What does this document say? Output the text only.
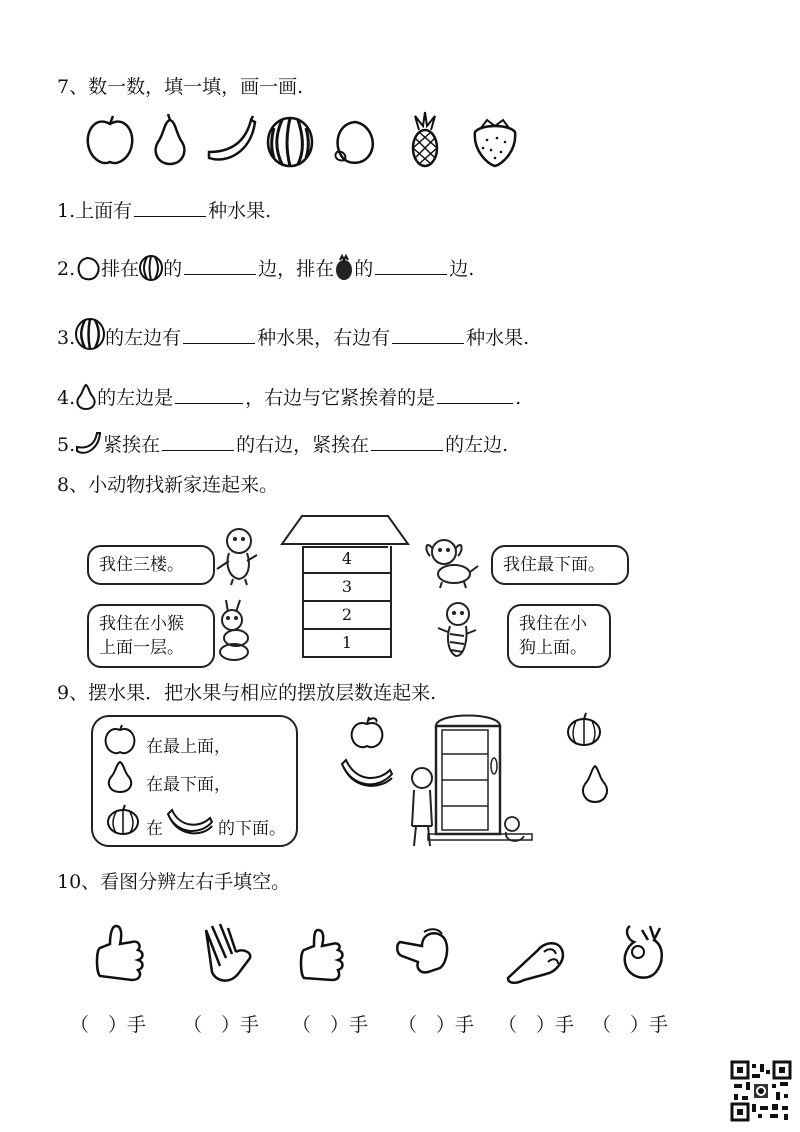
7、数一数，填一填，画一画.
1.上面有	种水果.
2. 排在 的	边，排在 的	边.
3. 的左边有	种水果，右边有	种水果.
4. 的左边是	，右边与它紧挨着的是	.
5. 紧挨在	的右边，紧挨在	的左边.
8、小动物找新家连起来。
我住三楼。
我住在小猴
上面一层。
我住最下面。
我住在小
狗上面。
4
3
2
1
9、摆水果．把水果与相应的摆放层数连起来.
在最上面，
在最下面，
在	的下面。
10、看图分辨左右手填空。
（　）手 （　）手 （　）手 （　）手 （　）手 （　）手
